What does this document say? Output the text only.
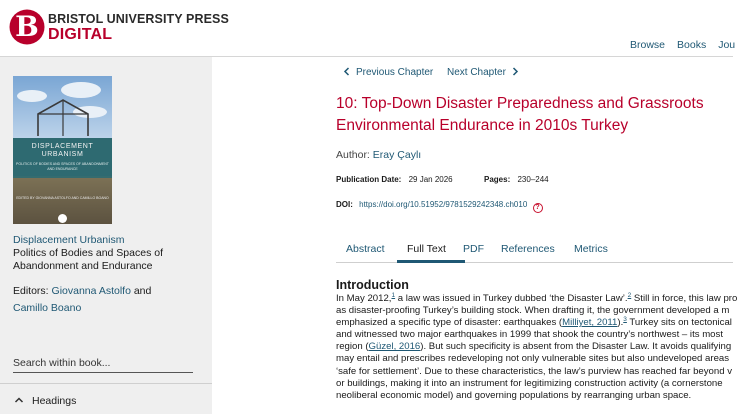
B BRISTOL UNIVERSITY PRESS
DIGITAL
Browse Books Jou
DISPLACEMENT
URBANISM
POLITICS OF BODIES AND SPACES OF ABANDONMENT AND ENDURANCE
EDITED BY GIOVANNA ASTOLFO AND CAMILLO BOANO
Displacement Urbanism
Politics of Bodies and Spaces of Abandonment and Endurance
Editors: Giovanna Astolfo and
Camillo Boano
Search within book...
Headings
Previous Chapter Next Chapter
10: Top-Down Disaster Preparedness and Grassroots
Environmental Endurance in 2010s Turkey
Author: Eray Çaylı
Publication Date: 29 Jan 2026	Pages: 230–244
DOI: https://doi.org/10.51952/9781529242348.ch010 ?
Abstract Full Text PDF References Metrics
Introduction
In May 2012,$^1$ a law was issued in Turkey dubbed ‘the Disaster Law’.$^2$ Still in force, this law pro
as disaster-proofing Turkey’s building stock. When drafting it, the government developed a m
emphasized a specific type of disaster: earthquakes (Milliyet, 2011).$^3$ Turkey sits on tectonical
and witnessed two major earthquakes in 1999 that shook the country’s northwest – its most
region (Güzel, 2016). But such specificity is absent from the Disaster Law. It avoids qualifying
may entail and prescribes redeveloping not only vulnerable sites but also undeveloped areas
‘safe for settlement’. Due to these characteristics, the law’s purview has reached far beyond v
or buildings, making it into an instrument for legitimizing construction activity (a cornerstone
neoliberal economic model) and governing populations by rearranging urban space.
